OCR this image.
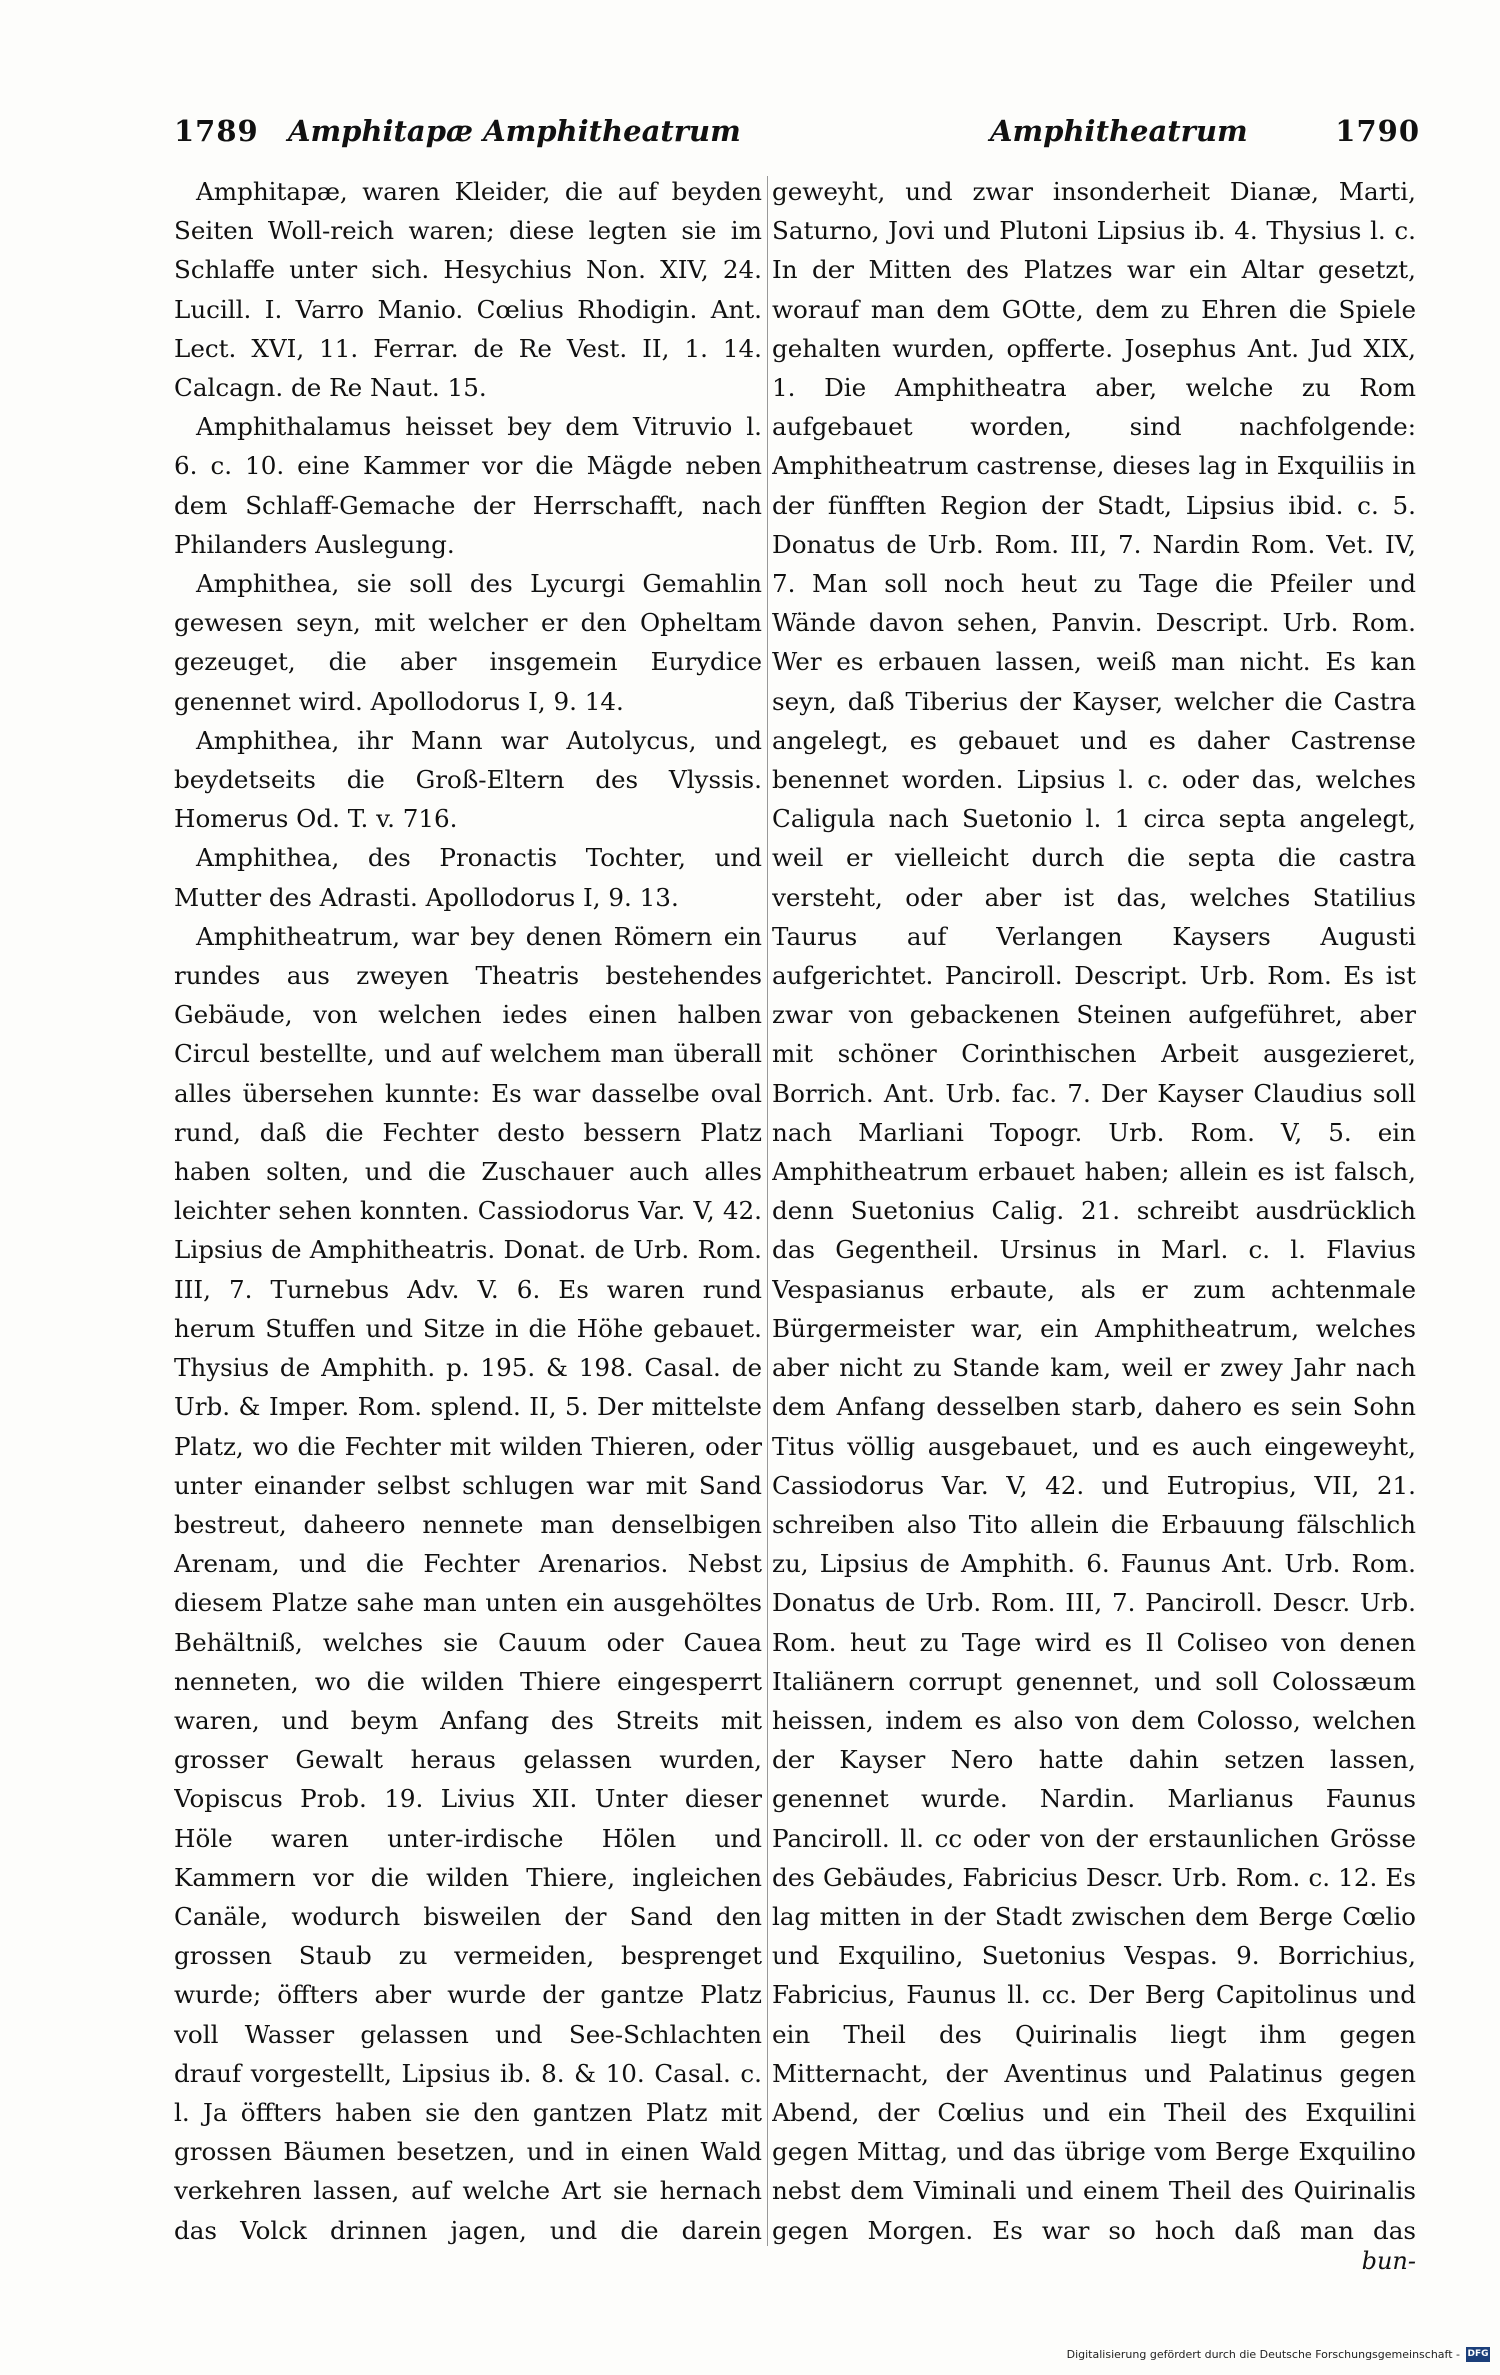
1789 Amphitapæ Amphitheatrum	Amphitheatrum	1790

Amphitapæ, waren Kleider, die auf beyden Seiten Woll-reich waren; diese legten sie im Schlaffe unter sich. Hesychius Non. XIV, 24. Lucill. I. Varro Manio. Cœlius Rhodigin. Ant. Lect. XVI, 11. Ferrar. de Re Vest. II, 1. 14. Calcagn. de Re Naut. 15.

Amphithalamus heisset bey dem Vitruvio l. 6. c. 10. eine Kammer vor die Mägde neben dem Schlaff-Gemache der Herrschafft, nach Philanders Auslegung.

Amphithea, sie soll des Lycurgi Gemahlin gewesen seyn, mit welcher er den Opheltam gezeuget, die aber insgemein Eurydice genennet wird. Apollodorus I, 9. 14.

Amphithea, ihr Mann war Autolycus, und beydetseits die Groß-Eltern des Vlyssis. Homerus Od. T. v. 716.

Amphithea, des Pronactis Tochter, und Mutter des Adrasti. Apollodorus I, 9. 13.

Amphitheatrum, war bey denen Römern ein rundes aus zweyen Theatris bestehendes Gebäude, von welchen iedes einen halben Circul bestellte, und auf welchem man überall alles übersehen kunnte: Es war dasselbe oval rund, daß die Fechter desto bessern Platz haben solten, und die Zuschauer auch alles leichter sehen konnten. Cassiodorus Var. V, 42. Lipsius de Amphitheatris. Donat. de Urb. Rom. III, 7. Turnebus Adv. V. 6. Es waren rund herum Stuffen und Sitze in die Höhe gebauet. Thysius de Amphith. p. 195. & 198. Casal. de Urb. & Imper. Rom. splend. II, 5. Der mittelste Platz, wo die Fechter mit wilden Thieren, oder unter einander selbst schlugen war mit Sand bestreut, daheero nennete man denselbigen Arenam, und die Fechter Arenarios. Nebst diesem Platze sahe man unten ein ausgehöltes Behältniß, welches sie Cauum oder Cauea nenneten, wo die wilden Thiere eingesperrt waren, und beym Anfang des Streits mit grosser Gewalt heraus gelassen wurden, Vopiscus Prob. 19. Livius XII. Unter dieser Höle waren unter-irdische Hölen und Kammern vor die wilden Thiere, ingleichen Canäle, wodurch bisweilen der Sand den grossen Staub zu vermeiden, besprenget wurde; öffters aber wurde der gantze Platz voll Wasser gelassen und See-Schlachten drauf vorgestellt, Lipsius ib. 8. & 10. Casal. c. l. Ja öffters haben sie den gantzen Platz mit grossen Bäumen besetzen, und in einen Wald verkehren lassen, auf welche Art sie hernach das Volck drinnen jagen, und die darein

geweyht, und zwar insonderheit Dianæ, Marti, Saturno, Jovi und Plutoni Lipsius ib. 4. Thysius l. c. In der Mitten des Platzes war ein Altar gesetzt, worauf man dem GOtte, dem zu Ehren die Spiele gehalten wurden, opfferte. Josephus Ant. Jud XIX, 1. Die Amphitheatra aber, welche zu Rom aufgebauet worden, sind nachfolgende: Amphitheatrum castrense, dieses lag in Exquiliis in der fünfften Region der Stadt, Lipsius ibid. c. 5. Donatus de Urb. Rom. III, 7. Nardin Rom. Vet. IV, 7. Man soll noch heut zu Tage die Pfeiler und Wände davon sehen, Panvin. Descript. Urb. Rom. Wer es erbauen lassen, weiß man nicht. Es kan seyn, daß Tiberius der Kayser, welcher die Castra angelegt, es gebauet und es daher Castrense benennet worden. Lipsius l. c. oder das, welches Caligula nach Suetonio l. 1 circa septa angelegt, weil er vielleicht durch die septa die castra versteht, oder aber ist das, welches Statilius Taurus auf Verlangen Kaysers Augusti aufgerichtet. Panciroll. Descript. Urb. Rom. Es ist zwar von gebackenen Steinen aufgeführet, aber mit schöner Corinthischen Arbeit ausgezieret, Borrich. Ant. Urb. fac. 7. Der Kayser Claudius soll nach Marliani Topogr. Urb. Rom. V, 5. ein Amphitheatrum erbauet haben; allein es ist falsch, denn Suetonius Calig. 21. schreibt ausdrücklich das Gegentheil. Ursinus in Marl. c. l. Flavius Vespasianus erbaute, als er zum achtenmale Bürgermeister war, ein Amphitheatrum, welches aber nicht zu Stande kam, weil er zwey Jahr nach dem Anfang desselben starb, dahero es sein Sohn Titus völlig ausgebauet, und es auch eingeweyht, Cassiodorus Var. V, 42. und Eutropius, VII, 21. schreiben also Tito allein die Erbauung fälschlich zu, Lipsius de Amphith. 6. Faunus Ant. Urb. Rom. Donatus de Urb. Rom. III, 7. Panciroll. Descr. Urb. Rom. heut zu Tage wird es Il Coliseo von denen Italiänern corrupt genennet, und soll Colossæum heissen, indem es also von dem Colosso, welchen der Kayser Nero hatte dahin setzen lassen, genennet wurde. Nardin. Marlianus Faunus Panciroll. ll. cc oder von der erstaunlichen Grösse des Gebäudes, Fabricius Descr. Urb. Rom. c. 12. Es lag mitten in der Stadt zwischen dem Berge Cœlio und Exquilino, Suetonius Vespas. 9. Borrichius, Fabricius, Faunus ll. cc. Der Berg Capitolinus und ein Theil des Quirinalis liegt ihm gegen Mitternacht, der Aventinus und Palatinus gegen Abend, der Cœlius und ein Theil des Exquilini gegen Mittag, und das übrige vom Berge Exquilino nebst dem Viminali und einem Theil des Quirinalis gegen Morgen. Es war so hoch daß man das

bun-
Digitalisierung gefördert durch die Deutsche Forschungsgemeinschaft - DFG
